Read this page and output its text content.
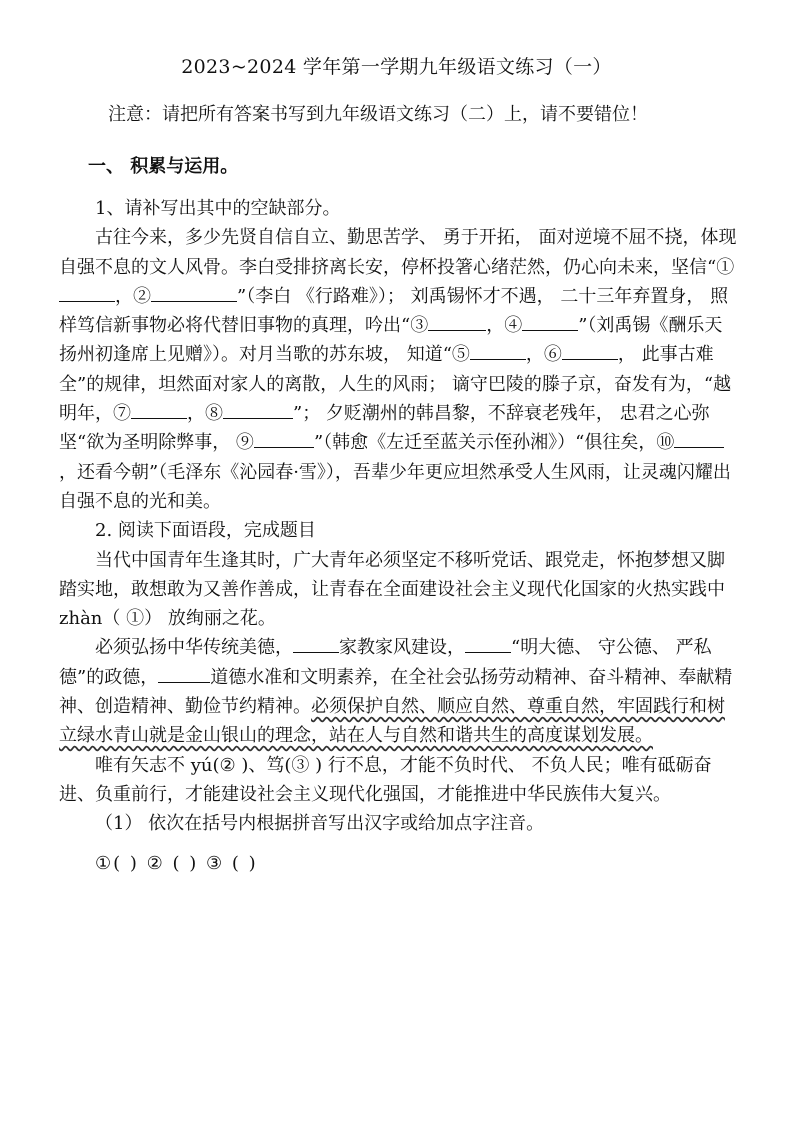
2023~2024 学年第一学期九年级语文练习（一）
注意：请把所有答案书写到九年级语文练习（二）上，请不要错位！
一、 积累与运用。

1、请补写出其中的空缺部分。

古往今来，多少先贤自信自立、勤思苦学、 勇于开拓， 面对逆境不屈不挠，体现自强不息的文人风骨。李白受排挤离长安，停杯投箸心绪茫然，仍心向未来，坚信“①，②	”（李白 《行路难》）； 刘禹锡怀才不遇， 二十三年弃置身， 照样笃信新事物必将代替旧事物的真理，吟出“③	，④	”（刘禹锡《酬乐天扬州初逢席上见赠》）。对月当歌的苏东坡， 知道“⑤	，⑥	， 此事古难全”的规律，坦然面对家人的离散，人生的风雨； 谪守巴陵的滕子京，奋发有为，“越明年，⑦	，⑧	”； 夕贬潮州的韩昌黎，不辞衰老残年， 忠君之心弥坚“欲为圣明除弊事， ⑨	”（韩愈《左迁至蓝关示侄孙湘》）“俱往矣，⑩，还看今朝”（毛泽东《沁园春·雪》），吾辈少年更应坦然承受人生风雨，让灵魂闪耀出自强不息的光和美。

2. 阅读下面语段，完成题目

当代中国青年生逢其时，广大青年必须坚定不移听党话、跟党走，怀抱梦想又脚踏实地，敢想敢为又善作善成，让青春在全面建设社会主义现代化国家的火热实践中 zhàn（ ①） 放绚丽之花。

必须弘扬中华传统美德，	家教家风建设，	“明大德、 守公德、 严私德”的政德，	道德水准和文明素养，在全社会弘扬劳动精神、奋斗精神、奉献精神、创造精神、勤俭节约精神。必须保护自然、顺应自然、尊重自然，牢固践行和树立绿水青山就是金山银山的理念，站在人与自然和谐共生的高度谋划发展。

唯有矢志不 yú(② )、笃(③ ) 行不息，才能不负时代、 不负人民；唯有砥砺奋进、负重前行，才能建设社会主义现代化强国，才能推进中华民族伟大复兴。

（1） 依次在括号内根据拼音写出汉字或给加点字注音。

①( ) ② ( ) ③ ( )
